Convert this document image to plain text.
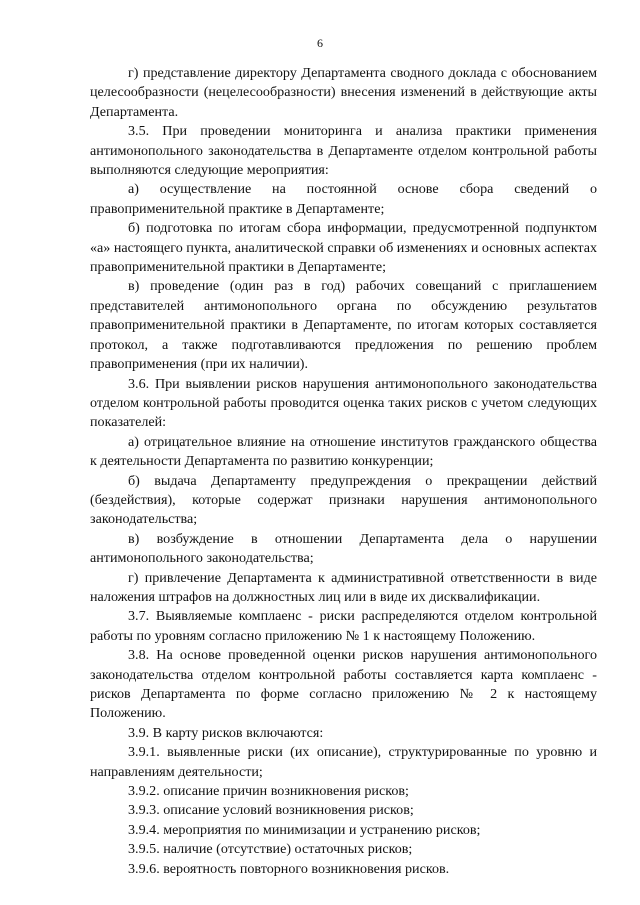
6

г) представление директору Департамента сводного доклада с обоснованием целесообразности (нецелесообразности) внесения изменений в действующие акты Департамента.

3.5. При проведении мониторинга и анализа практики применения антимонопольного законодательства в Департаменте отделом контрольной работы выполняются следующие мероприятия:

а) осуществление на постоянной основе сбора сведений о правоприменительной практике в Департаменте;

б) подготовка по итогам сбора информации, предусмотренной подпунктом «а» настоящего пункта, аналитической справки об изменениях и основных аспектах правоприменительной практики в Департаменте;

в) проведение (один раз в год) рабочих совещаний с приглашением представителей антимонопольного органа по обсуждению результатов правоприменительной практики в Департаменте, по итогам которых составляется протокол, а также подготавливаются предложения по решению проблем правоприменения (при их наличии).

3.6. При выявлении рисков нарушения антимонопольного законодательства отделом контрольной работы проводится оценка таких рисков с учетом следующих показателей:

а) отрицательное влияние на отношение институтов гражданского общества к деятельности Департамента по развитию конкуренции;

б) выдача Департаменту предупреждения о прекращении действий (бездействия), которые содержат признаки нарушения антимонопольного законодательства;

в) возбуждение в отношении Департамента дела о нарушении антимонопольного законодательства;

г) привлечение Департамента к административной ответственности в виде наложения штрафов на должностных лиц или в виде их дисквалификации.

3.7. Выявляемые комплаенс - риски распределяются отделом контрольной работы по уровням согласно приложению № 1 к настоящему Положению.

3.8. На основе проведенной оценки рисков нарушения антимонопольного законодательства отделом контрольной работы составляется карта комплаенс - рисков Департамента по форме согласно приложению № 2 к настоящему Положению.

3.9. В карту рисков включаются:

3.9.1. выявленные риски (их описание), структурированные по уровню и направлениям деятельности;

3.9.2. описание причин возникновения рисков;

3.9.3. описание условий возникновения рисков;

3.9.4. мероприятия по минимизации и устранению рисков;

3.9.5. наличие (отсутствие) остаточных рисков;

3.9.6. вероятность повторного возникновения рисков.
